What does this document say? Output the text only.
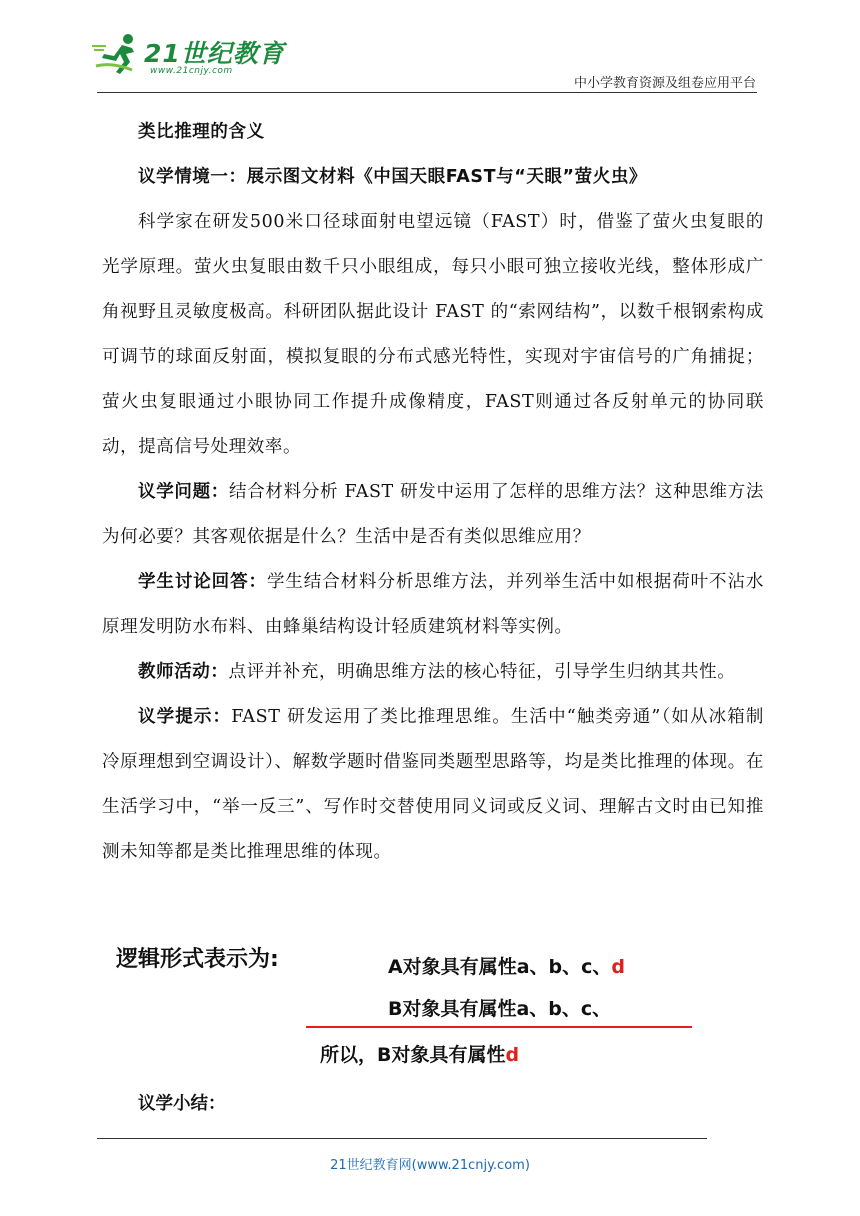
21世纪教育
www.21cnjy.com
中小学教育资源及组卷应用平台

类比推理的含义

议学情境一：展示图文材料《中国天眼FAST与“天眼”萤火虫》

科学家在研发500米口径球面射电望远镜（FAST）时，借鉴了萤火虫复眼的光学原理。萤火虫复眼由数千只小眼组成，每只小眼可独立接收光线，整体形成广角视野且灵敏度极高。科研团队据此设计 FAST 的“索网结构”，以数千根钢索构成可调节的球面反射面，模拟复眼的分布式感光特性，实现对宇宙信号的广角捕捉；萤火虫复眼通过小眼协同工作提升成像精度，FAST则通过各反射单元的协同联动，提高信号处理效率。

议学问题：结合材料分析 FAST 研发中运用了怎样的思维方法？这种思维方法为何必要？其客观依据是什么？生活中是否有类似思维应用？

学生讨论回答：学生结合材料分析思维方法，并列举生活中如根据荷叶不沾水原理发明防水布料、由蜂巢结构设计轻质建筑材料等实例。

教师活动：点评并补充，明确思维方法的核心特征，引导学生归纳其共性。

议学提示：FAST 研发运用了类比推理思维。生活中“触类旁通”（如从冰箱制冷原理想到空调设计）、解数学题时借鉴同类题型思路等，均是类比推理的体现。在生活学习中，“举一反三”、写作时交替使用同义词或反义词、理解古文时由已知推测未知等都是类比推理思维的体现。

逻辑形式表示为:	A对象具有属性a、b、c、d
B对象具有属性a、b、c、
所以，B对象具有属性d
议学小结：
21世纪教育网(www.21cnjy.com)
